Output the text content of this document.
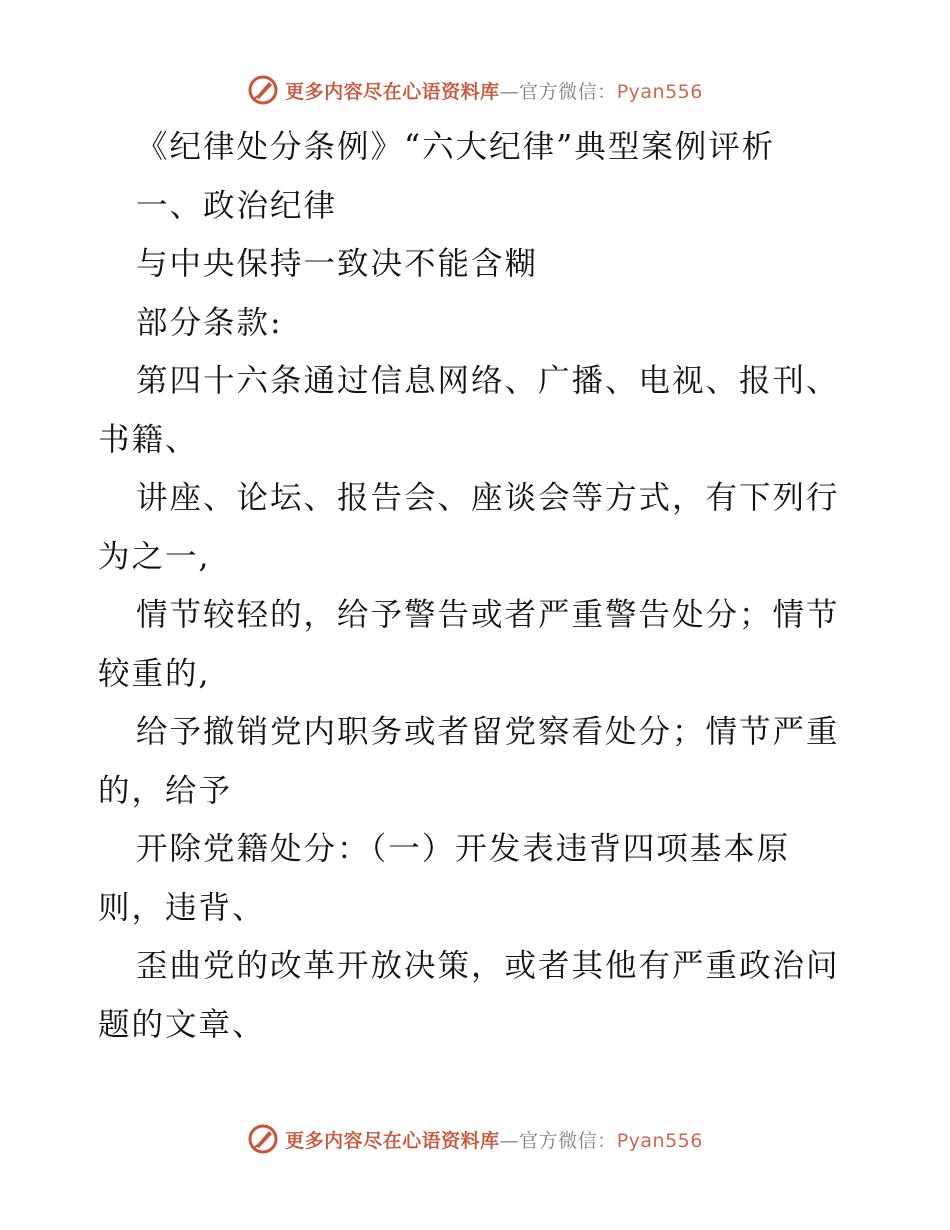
更多内容尽在心语资料库—官方微信：Pyan556
《纪律处分条例》“六大纪律”典型案例评析
一、政治纪律
与中央保持一致决不能含糊
部分条款:
第四十六条通过信息网络、广播、电视、报刊、
书籍、
讲座、论坛、报告会、座谈会等方式，有下列行
为之一,
情节较轻的，给予警告或者严重警告处分；情节
较重的,
给予撤销党内职务或者留党察看处分；情节严重
的，给予
开除党籍处分：（一）开发表违背四项基本原
则，违背、
歪曲党的改革开放决策，或者其他有严重政治问
题的文章、
更多内容尽在心语资料库—官方微信：Pyan556
